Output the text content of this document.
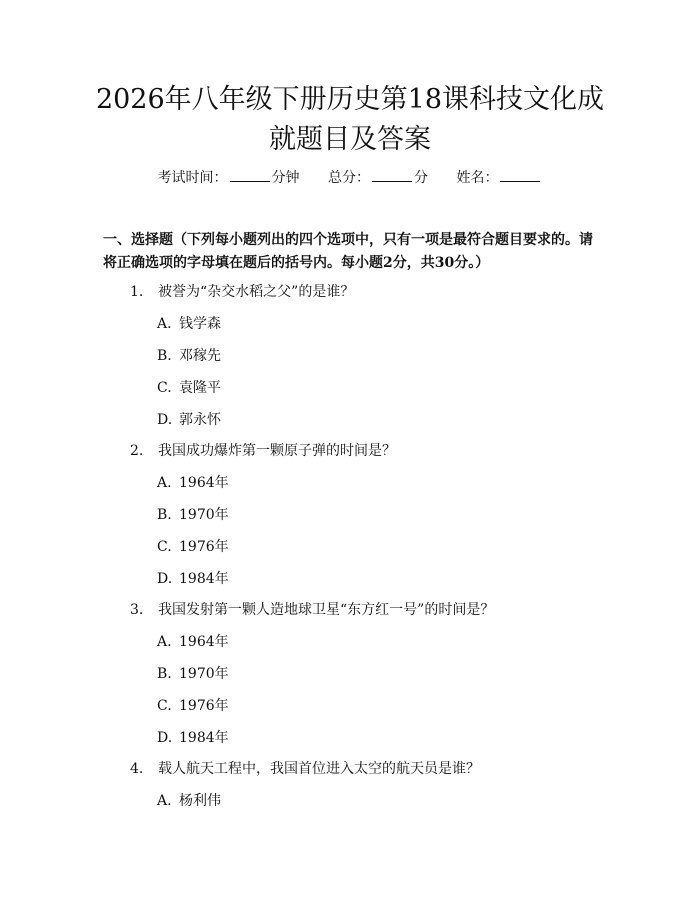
2026年八年级下册历史第18课科技文化成
就题目及答案
考试时间：	分钟 总分：	分 姓名：

一、选择题（下列每小题列出的四个选项中，只有一项是最符合题目要求的。请将正确选项的字母填在题后的括号内。每小题2分，共30分。）

1. 被誉为“杂交水稻之父”的是谁？
A. 钱学森
B. 邓稼先
C. 袁隆平
D. 郭永怀
2. 我国成功爆炸第一颗原子弹的时间是？
A. 1964年
B. 1970年
C. 1976年
D. 1984年
3. 我国发射第一颗人造地球卫星“东方红一号”的时间是？
A. 1964年
B. 1970年
C. 1976年
D. 1984年
4. 载人航天工程中，我国首位进入太空的航天员是谁？
A. 杨利伟
